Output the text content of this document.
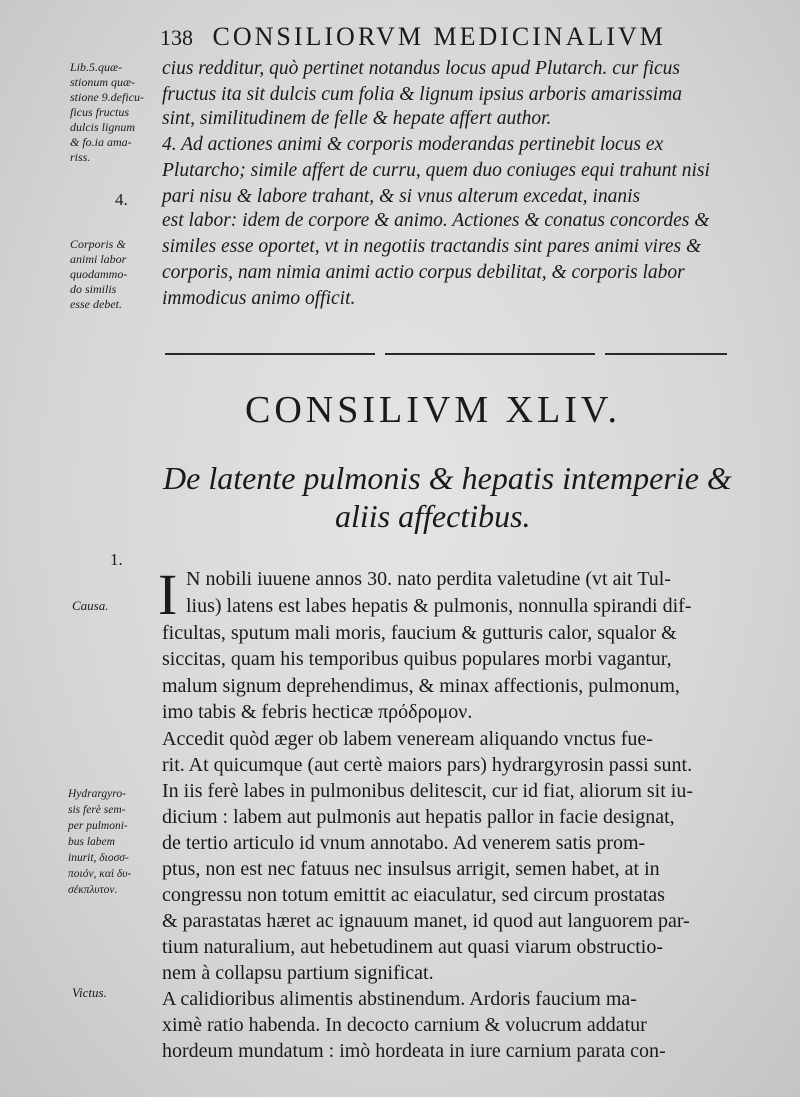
138 CONSILIORVM MEDICINALIVM
Lib.5.quæ-
stionum quæ-
stione 9.deficu-
ficus fructus
dulcis lignum
& fo.ia ama-
riss.
4.
Corporis &
animi labor
quodammo-
do similis
esse debet.
cius redditur, quò pertinet notandus locus apud Plutarch. cur ficus
fructus ita sit dulcis cum folia & lignum ipsius arboris amarissima
sint, similitudinem de felle & hepate affert author.
4. Ad actiones animi & corporis moderandas pertinebit locus ex
Plutarcho; simile affert de curru, quem duo coniuges equi trahunt nisi
pari nisu & labore trahant, & si vnus alterum excedat, inanis
est labor: idem de corpore & animo. Actiones & conatus concordes &
similes esse oportet, vt in negotiis tractandis sint pares animi vires &
corporis, nam nimia animi actio corpus debilitat, & corporis labor
immodicus animo officit.
CONSILIVM XLIV.
De latente pulmonis & hepatis intemperie &
aliis affectibus.
1.
Causa.
Hydrargyro-
sis ferè sem-
per pulmoni-
bus labem
inurit, διοσσ-
ποιόν, καὶ δυ-
σέκπλυτον.
Victus.
I N nobili iuuene annos 30. nato perdita valetudine (vt ait Tul-
lius) latens est labes hepatis & pulmonis, nonnulla spirandi dif-
ficultas, sputum mali moris, faucium & gutturis calor, squalor &
siccitas, quam his temporibus quibus populares morbi vagantur,
malum signum deprehendimus, & minax affectionis, pulmonum,
imo tabis & febris hecticæ πρόδρομον.
Accedit quòd æger ob labem veneream aliquando vnctus fue-
rit. At quicumque (aut certè maiors pars) hydrargyrosin passi sunt.
In iis ferè labes in pulmonibus delitescit, cur id fiat, aliorum sit iu-
dicium : labem aut pulmonis aut hepatis pallor in facie designat,
de tertio articulo id vnum annotabo. Ad venerem satis prom-
ptus, non est nec fatuus nec insulsus arrigit, semen habet, at in
congressu non totum emittit ac eiaculatur, sed circum prostatas
& parastatas hæret ac ignauum manet, id quod aut languorem par-
tium naturalium, aut hebetudinem aut quasi viarum obstructio-
nem à collapsu partium significat.
A calidioribus alimentis abstinendum. Ardoris faucium ma-
ximè ratio habenda. In decocto carnium & volucrum addatur
hordeum mundatum : imò hordeata in iure carnium parata con-
